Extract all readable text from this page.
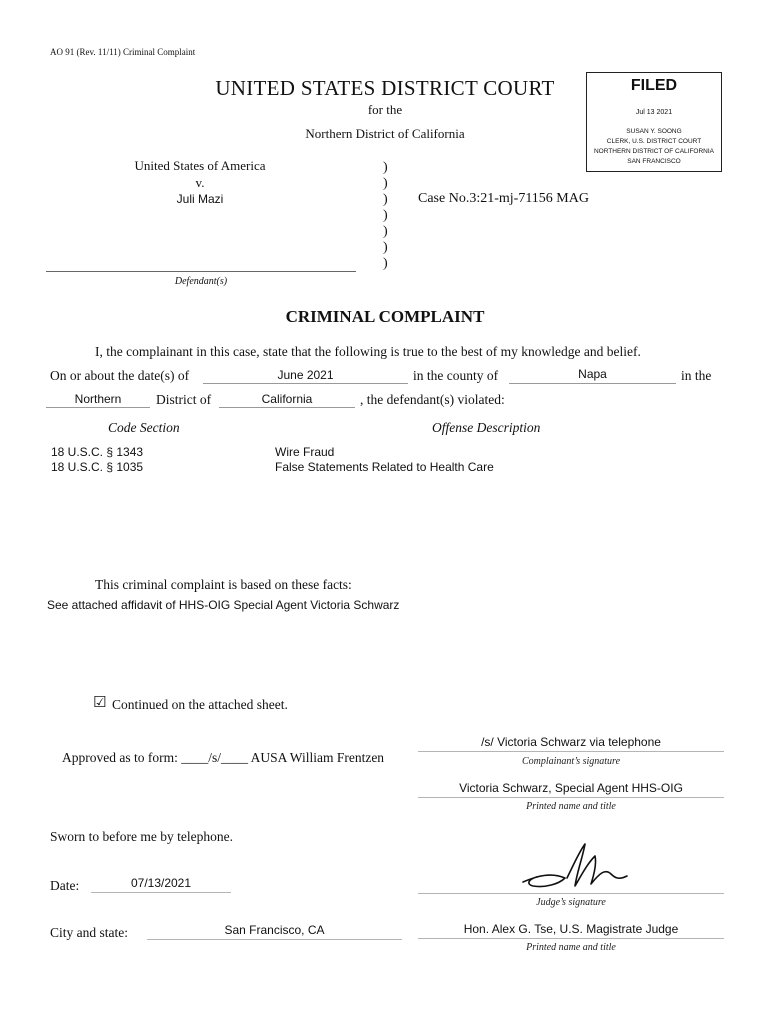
AO 91 (Rev. 11/11) Criminal Complaint
UNITED STATES DISTRICT COURT
for the
Northern District of California
FILED
Jul 13 2021
SUSAN Y. SOONG
CLERK, U.S. DISTRICT COURT
NORTHERN DISTRICT OF CALIFORNIA
SAN FRANCISCO
United States of America
v.
Juli Mazi
)
)
)
)
)
)
)
Case No.3:21-mj-71156 MAG
Defendant(s)
CRIMINAL COMPLAINT
I, the complainant in this case, state that the following is true to the best of my knowledge and belief.
On or about the date(s) of	June 2021	in the county of	Napa	in the
Northern	District of	California	, the defendant(s) violated:
Code Section	Offense Description
18 U.S.C. § 1343	Wire Fraud
18 U.S.C. § 1035	False Statements Related to Health Care
This criminal complaint is based on these facts:
See attached affidavit of HHS-OIG Special Agent Victoria Schwarz
☑ Continued on the attached sheet.
Approved as to form: ____/s/____ AUSA William Frentzen
/s/ Victoria Schwarz via telephone
Complainant’s signature
Victoria Schwarz, Special Agent HHS-OIG
Printed name and title
Sworn to before me by telephone.
Date:	07/13/2021
Judge’s signature
City and state:	San Francisco, CA	Hon. Alex G. Tse, U.S. Magistrate Judge
Printed name and title
